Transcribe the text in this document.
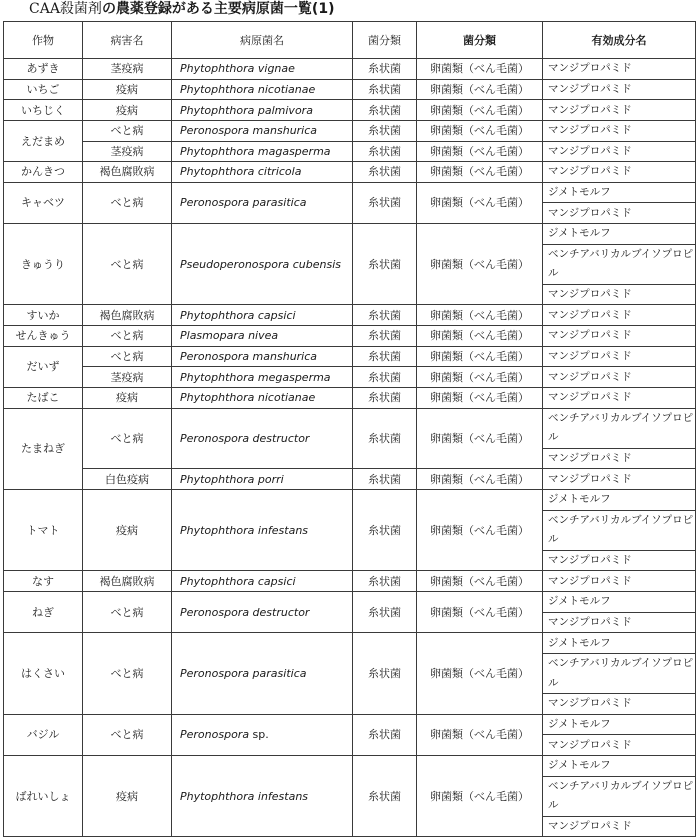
CAA殺菌剤の農薬登録がある主要病原菌一覧(1)
作物	病害名	病原菌名	菌分類	菌分類	有効成分名
あずき	茎疫病	Phytophthora vignae	糸状菌	卵菌類（べん毛菌）	マンジプロパミド
いちご	疫病	Phytophthora nicotianae	糸状菌	卵菌類（べん毛菌）	マンジプロパミド
いちじく	疫病	Phytophthora palmivora	糸状菌	卵菌類（べん毛菌）	マンジプロパミド
えだまめ	べと病	Peronospora manshurica	糸状菌	卵菌類（べん毛菌）	マンジプロパミド
	茎疫病	Phytophthora magasperma	糸状菌	卵菌類（べん毛菌）	マンジプロパミド
かんきつ	褐色腐敗病	Phytophthora citricola	糸状菌	卵菌類（べん毛菌）	マンジプロパミド
キャベツ	べと病	Peronospora parasitica	糸状菌	卵菌類（べん毛菌）	ジメトモルフ
					マンジプロパミド
きゅうり	べと病	Pseudoperonospora cubensis	糸状菌	卵菌類（べん毛菌）	ジメトモルフ
					ベンチアバリカルブイソプロピル

					マンジプロパミド
すいか	褐色腐敗病	Phytophthora capsici	糸状菌	卵菌類（べん毛菌）	マンジプロパミド
せんきゅう	べと病	Plasmopara nivea	糸状菌	卵菌類（べん毛菌）	マンジプロパミド
だいず	べと病	Peronospora manshurica	糸状菌	卵菌類（べん毛菌）	マンジプロパミド
	茎疫病	Phytophthora megasperma	糸状菌	卵菌類（べん毛菌）	マンジプロパミド
たばこ	疫病	Phytophthora nicotianae	糸状菌	卵菌類（べん毛菌）	マンジプロパミド
たまねぎ	べと病	Peronospora destructor	糸状菌	卵菌類（べん毛菌）	ベンチアバリカルブイソプロピル

					マンジプロパミド
	白色疫病	Phytophthora porri	糸状菌	卵菌類（べん毛菌）	マンジプロパミド
トマト	疫病	Phytophthora infestans	糸状菌	卵菌類（べん毛菌）	ジメトモルフ
					ベンチアバリカルブイソプロピル

					マンジプロパミド
なす	褐色腐敗病	Phytophthora capsici	糸状菌	卵菌類（べん毛菌）	マンジプロパミド
ねぎ	べと病	Peronospora destructor	糸状菌	卵菌類（べん毛菌）	ジメトモルフ
					マンジプロパミド
はくさい	べと病	Peronospora parasitica	糸状菌	卵菌類（べん毛菌）	ジメトモルフ
					ベンチアバリカルブイソプロピル

					マンジプロパミド
バジル	べと病	Peronospora sp.	糸状菌	卵菌類（べん毛菌）	ジメトモルフ
					マンジプロパミド
ばれいしょ	疫病	Phytophthora infestans	糸状菌	卵菌類（べん毛菌）	ジメトモルフ
					ベンチアバリカルブイソプロピル

					マンジプロパミド
